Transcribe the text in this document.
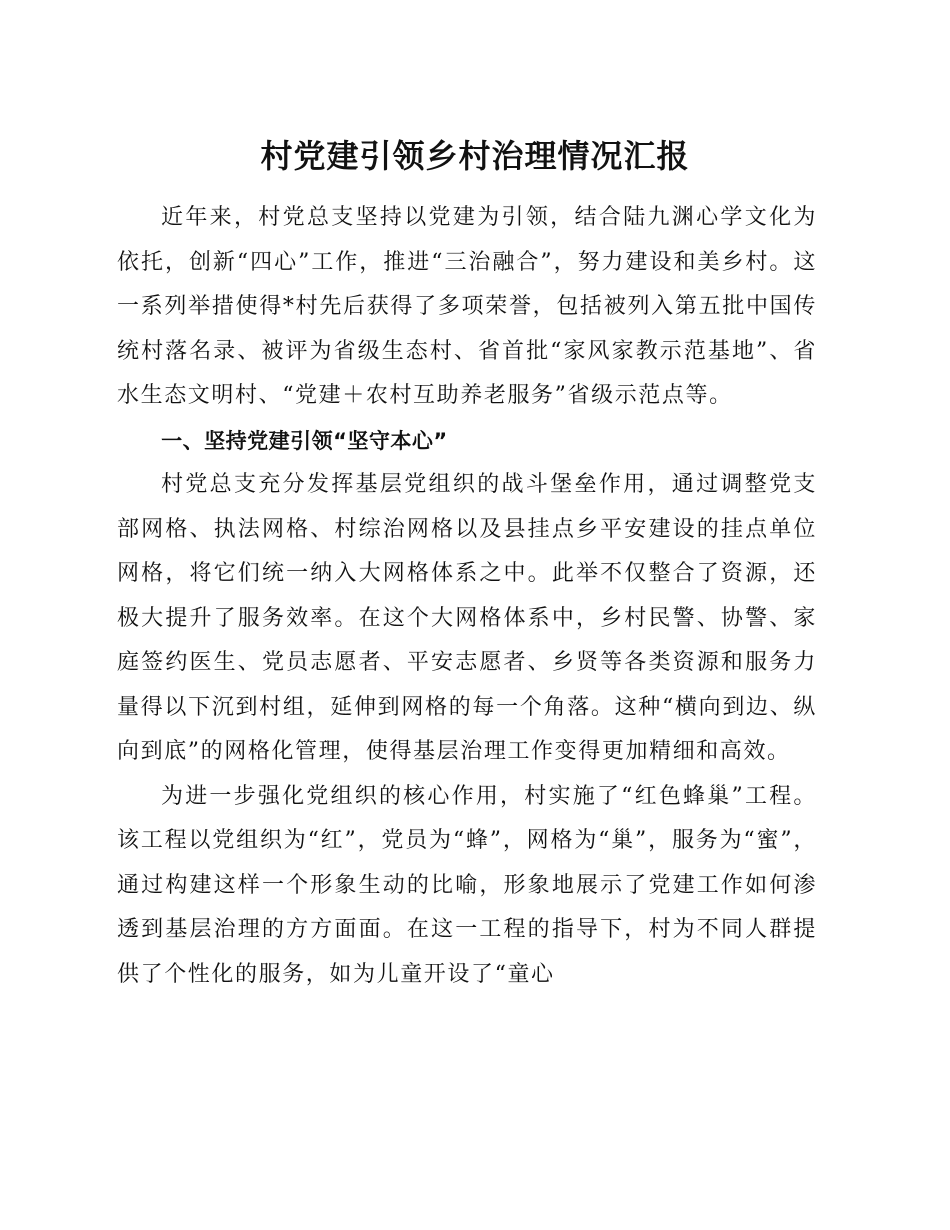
村党建引领乡村治理情况汇报

近年来，村党总支坚持以党建为引领，结合陆九渊心学文化为依托，创新“四心”工作，推进“三治融合”，努力建设和美乡村。这一系列举措使得*村先后获得了多项荣誉，包括被列入第五批中国传统村落名录、被评为省级生态村、省首批“家风家教示范基地”、省水生态文明村、“党建＋农村互助养老服务”省级示范点等。

一、坚持党建引领“坚守本心”

村党总支充分发挥基层党组织的战斗堡垒作用，通过调整党支部网格、执法网格、村综治网格以及县挂点乡平安建设的挂点单位网格，将它们统一纳入大网格体系之中。此举不仅整合了资源，还极大提升了服务效率。在这个大网格体系中，乡村民警、协警、家庭签约医生、党员志愿者、平安志愿者、乡贤等各类资源和服务力量得以下沉到村组，延伸到网格的每一个角落。这种“横向到边、纵向到底”的网格化管理，使得基层治理工作变得更加精细和高效。

为进一步强化党组织的核心作用，村实施了“红色蜂巢”工程。该工程以党组织为“红”，党员为“蜂”，网格为“巢”，服务为“蜜”，通过构建这样一个形象生动的比喻，形象地展示了党建工作如何渗透到基层治理的方方面面。在这一工程的指导下，村为不同人群提供了个性化的服务，如为儿童开设了“童心
